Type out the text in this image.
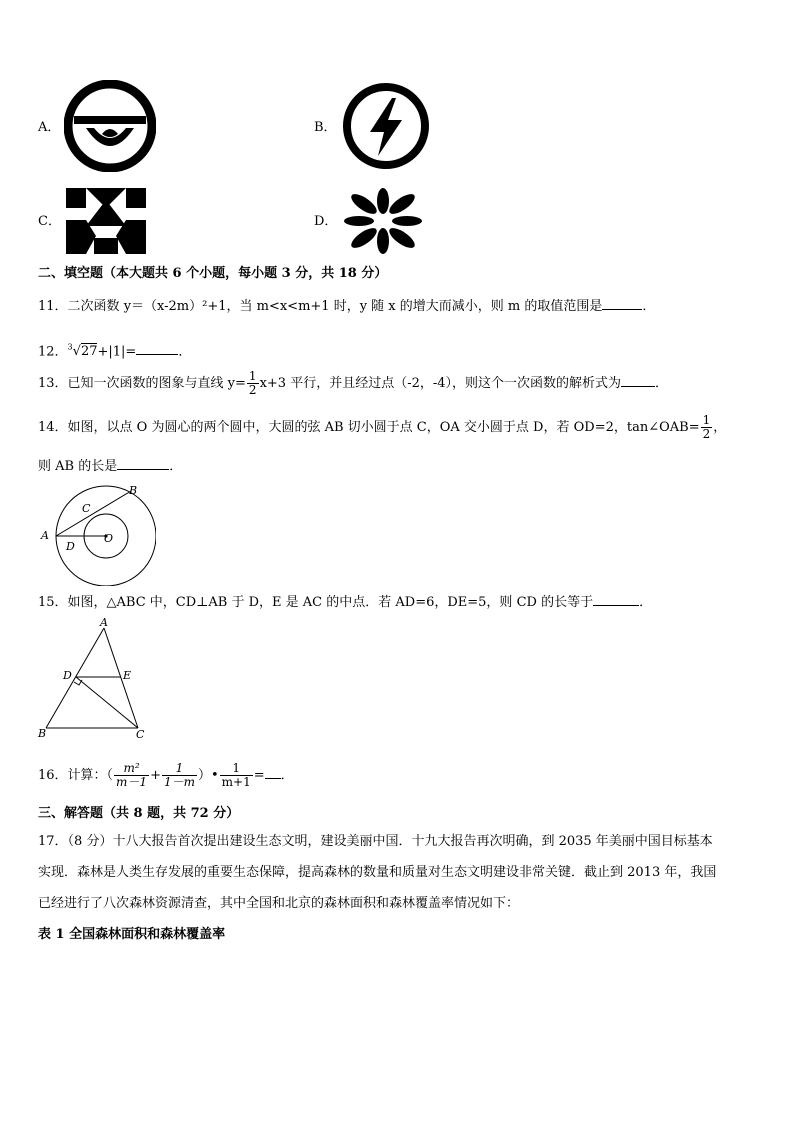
A．	B．
C．	D．
二、填空题（本大题共 6 个小题，每小题 3 分，共 18 分）
11．二次函数 y＝（x-2m）²+1，当 m<x<m+1 时，y 随 x 的增大而减小，则 m 的取值范围是	．
12．$^3$√27+|1|=	．
13．已知一次函数的图象与直线 $y= \frac{1}{2} x+3$ 平行，并且经过点（-2，-4），则这个一次函数的解析式为	．
14．如图，以点 O 为圆心的两个圆中，大圆的弦 AB 切小圆于点 C，OA 交小圆于点 D，若 OD=2，tan∠OAB= $\frac{1}{2}$ ，
则 AB 的长是	．
A
B
C
D
O
15．如图，△ABC 中，CD⊥AB 于 D，E 是 AC 的中点．若 AD=6，DE=5，则 CD 的长等于	．
A
B	C
D	E
16．计算：（ $\frac{\text{m²}}{m-1} + \frac{1}{1-m}$ ）• $\frac{1}{m+1}$ = ．
三、解答题（共 8 题，共 72 分）
17．（8 分）十八大报告首次提出建设生态文明，建设美丽中国．十九大报告再次明确，到 2035 年美丽中国目标基本
实现．森林是人类生存发展的重要生态保障，提高森林的数量和质量对生态文明建设非常关键．截止到 2013 年，我国
已经进行了八次森林资源清查，其中全国和北京的森林面积和森林覆盖率情况如下：
表 1 全国森林面积和森林覆盖率
